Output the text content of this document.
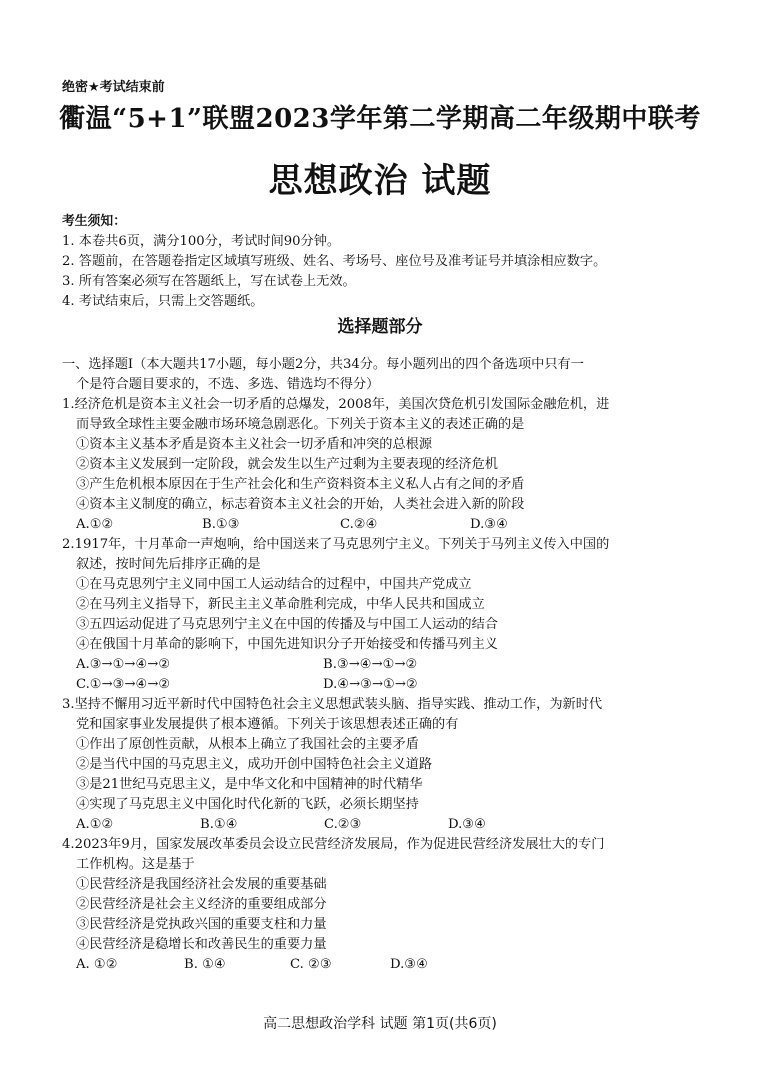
绝密★考试结束前
衢温“5+1”联盟2023学年第二学期高二年级期中联考
思想政治 试题
考生须知：
1. 本卷共6页，满分100分，考试时间90分钟。
2. 答题前，在答题卷指定区域填写班级、姓名、考场号、座位号及准考证号并填涂相应数字。
3. 所有答案必须写在答题纸上，写在试卷上无效。
4. 考试结束后，只需上交答题纸。
选择题部分
一、选择题Ⅰ（本大题共17小题，每小题2分，共34分。每小题列出的四个备选项中只有一
个是符合题目要求的，不选、多选、错选均不得分）
1.经济危机是资本主义社会一切矛盾的总爆发，2008年，美国次贷危机引发国际金融危机，进
而导致全球性主要金融市场环境急剧恶化。下列关于资本主义的表述正确的是
①资本主义基本矛盾是资本主义社会一切矛盾和冲突的总根源
②资本主义发展到一定阶段，就会发生以生产过剩为主要表现的经济危机
③产生危机根本原因在于生产社会化和生产资料资本主义私人占有之间的矛盾
④资本主义制度的确立，标志着资本主义社会的开始，人类社会进入新的阶段
A.①②	B.①③	C.②④	D.③④
2.1917年，十月革命一声炮响，给中国送来了马克思列宁主义。下列关于马列主义传入中国的
叙述，按时间先后排序正确的是
①在马克思列宁主义同中国工人运动结合的过程中，中国共产党成立
②在马列主义指导下，新民主主义革命胜利完成，中华人民共和国成立
③五四运动促进了马克思列宁主义在中国的传播及与中国工人运动的结合
④在俄国十月革命的影响下，中国先进知识分子开始接受和传播马列主义
A.③→①→④→②	B.③→④→①→②
C.①→③→④→②	D.④→③→①→②
3.坚持不懈用习近平新时代中国特色社会主义思想武装头脑、指导实践、推动工作，为新时代
党和国家事业发展提供了根本遵循。下列关于该思想表述正确的有
①作出了原创性贡献，从根本上确立了我国社会的主要矛盾
②是当代中国的马克思主义，成功开创中国特色社会主义道路
③是21世纪马克思主义，是中华文化和中国精神的时代精华
④实现了马克思主义中国化时代化新的飞跃，必须长期坚持
A.①②	B.①④	C.②③	D.③④
4.2023年9月，国家发展改革委员会设立民营经济发展局，作为促进民营经济发展壮大的专门
工作机构。这是基于
①民营经济是我国经济社会发展的重要基础
②民营经济是社会主义经济的重要组成部分
③民营经济是党执政兴国的重要支柱和力量
④民营经济是稳增长和改善民生的重要力量
A. ①②	B. ①④	C. ②③	D.③④
高二思想政治学科 试题 第1页(共6页)
